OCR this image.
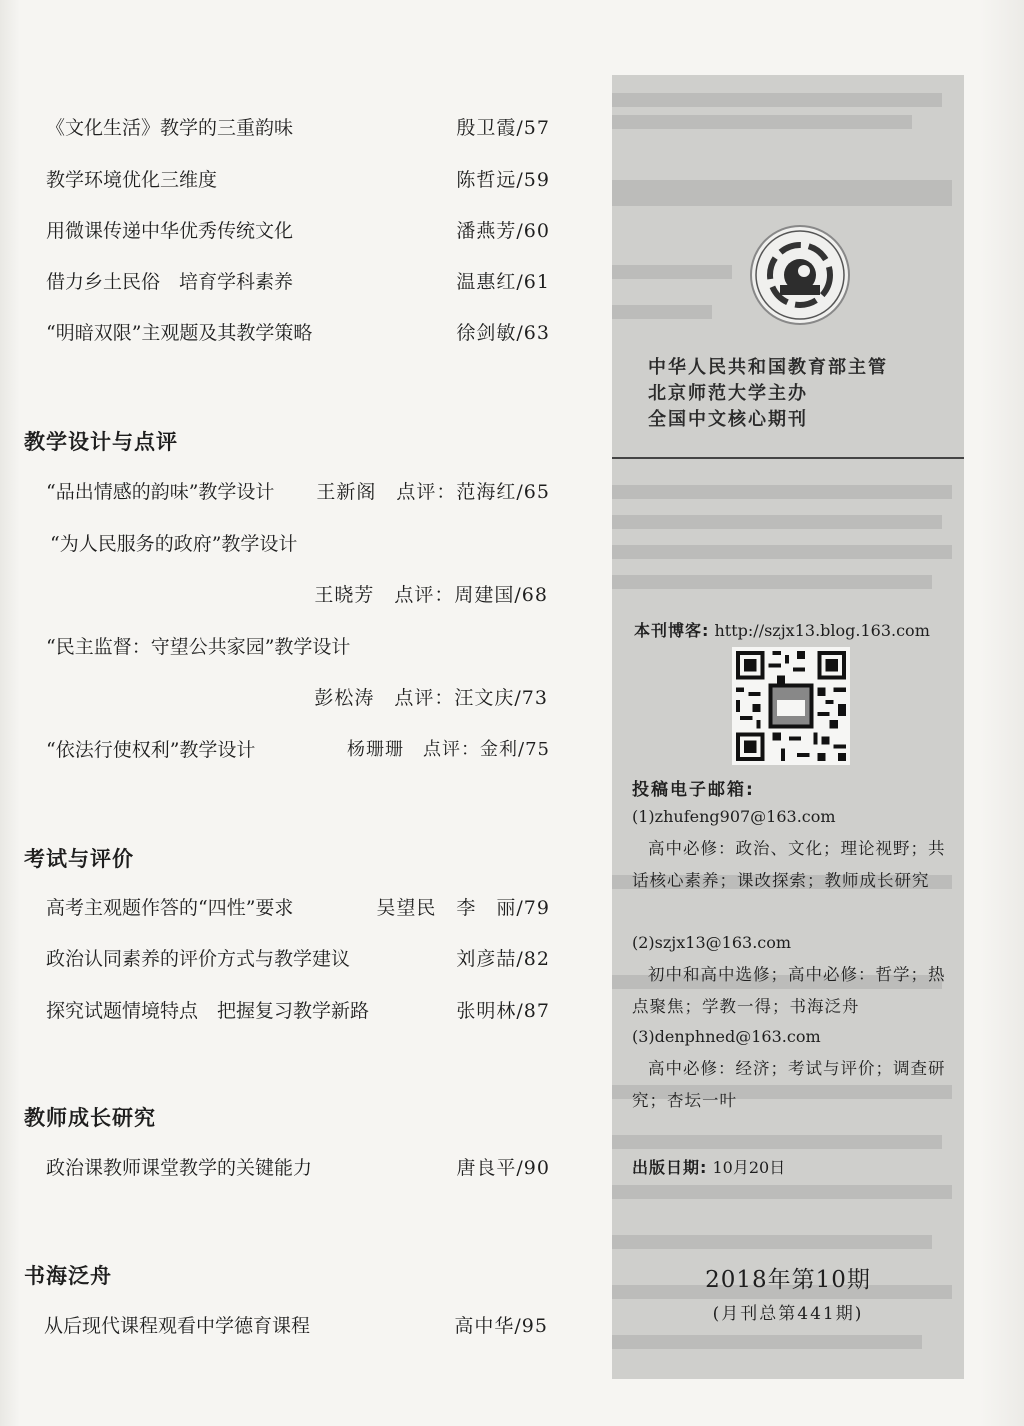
《文化生活》教学的三重韵味	殷卫霞/57
教学环境优化三维度	陈哲远/59
用微课传递中华优秀传统文化	潘燕芳/60
借力乡土民俗　培育学科素养	温惠红/61
“明暗双限”主观题及其教学策略	徐剑敏/63
教学设计与点评
“品出情感的韵味”教学设计 王新阁　点评：范海红/65
“为人民服务的政府”教学设计
王晓芳　点评：周建国/68
“民主监督：守望公共家园”教学设计
彭松涛　点评：汪文庆/73
“依法行使权利”教学设计	杨珊珊　点评：金利/75
考试与评价
高考主观题作答的“四性”要求	吴望民　李　丽/79
政治认同素养的评价方式与教学建议	刘彦喆/82
探究试题情境特点　把握复习教学新路	张明林/87
教师成长研究
政治课教师课堂教学的关键能力	唐良平/90
书海泛舟
从后现代课程观看中学德育课程	高中华/95
中华人民共和国教育部主管
北京师范大学主办
全国中文核心期刊
本刊博客: http://szjx13.blog.163.com
投稿电子邮箱:
(1)zhufeng907@163.com
高中必修：政治、文化；理论视野；共话核心素养；课改探索；教师成长研究
(2)szjx13@163.com
初中和高中选修；高中必修：哲学；热点聚焦；学教一得；书海泛舟
(3)denphned@163.com
高中必修：经济；考试与评价；调查研究；杏坛一叶
出版日期: 10月20日
2018年第10期
(月刊总第441期)
